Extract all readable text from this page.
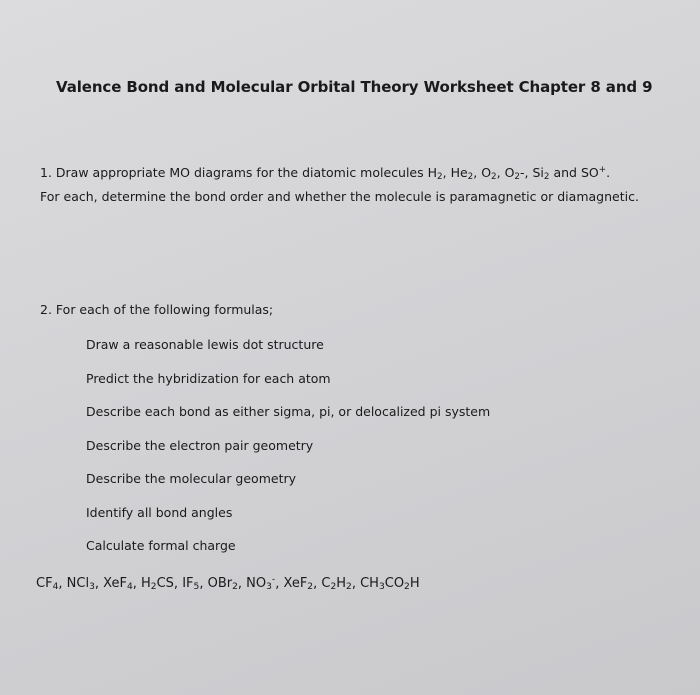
Valence Bond and Molecular Orbital Theory Worksheet Chapter 8 and 9
1. Draw appropriate MO diagrams for the diatomic molecules $H_2$, $He_2$, $O_2$, $O_2-$, $Si_2$ and SO+.
For each, determine the bond order and whether the molecule is paramagnetic or diamagnetic.
2. For each of the following formulas;
Draw a reasonable lewis dot structure
Predict the hybridization for each atom
Describe each bond as either sigma, pi, or delocalized pi system
Describe the electron pair geometry
Describe the molecular geometry
Identify all bond angles
Calculate formal charge
$CF_4$, NCl$_3$, XeF$_4$, $H_2CS$, $IF_5$, OBr$_2$, $NO_3^-$, XeF$_2$, $C_2H_2$, $CH_3CO_2H$
